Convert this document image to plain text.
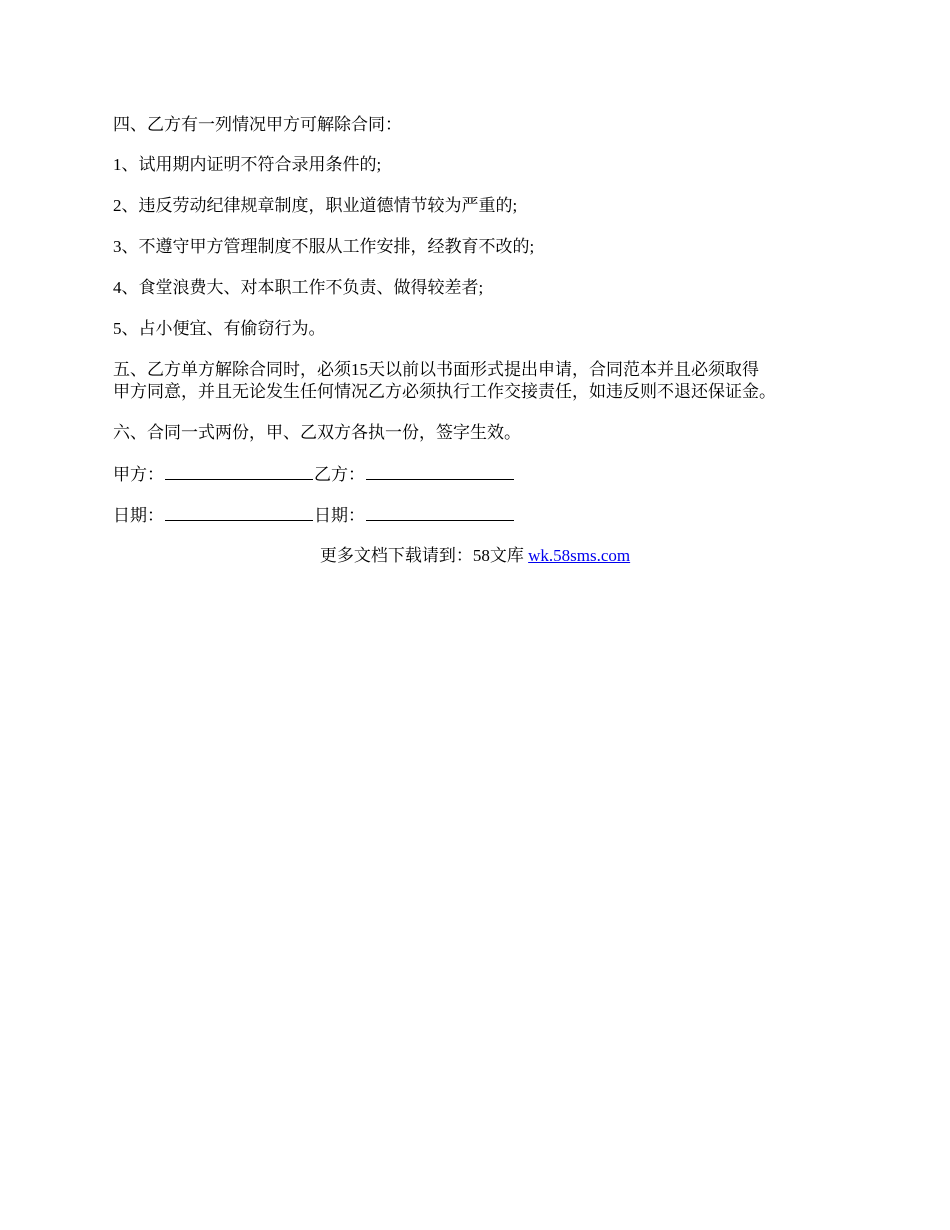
四、乙方有一列情况甲方可解除合同：
1、试用期内证明不符合录用条件的;
2、违反劳动纪律规章制度，职业道德情节较为严重的;
3、不遵守甲方管理制度不服从工作安排，经教育不改的;
4、食堂浪费大、对本职工作不负责、做得较差者;
5、占小便宜、有偷窃行为。
五、乙方单方解除合同时，必须15天以前以书面形式提出申请，合同范本并且必须取得
甲方同意，并且无论发生任何情况乙方必须执行工作交接责任，如违反则不退还保证金。
六、合同一式两份，甲、乙双方各执一份，签字生效。
甲方：	乙方：
日期：	日期：
更多文档下载请到：58文库 wk.58sms.com
